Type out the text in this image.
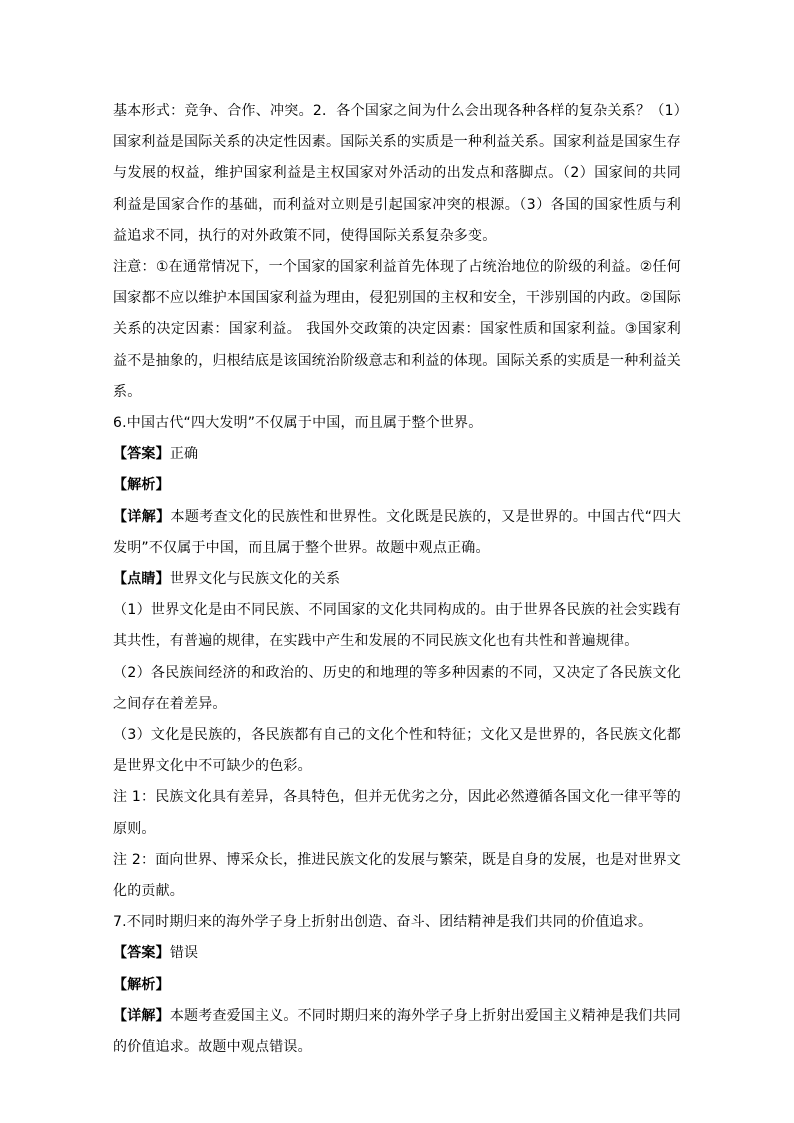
基本形式：竞争、合作、冲突。2．各个国家之间为什么会出现各种各样的复杂关系？（1）国家利益是国际关系的决定性因素。国际关系的实质是一种利益关系。国家利益是国家生存与发展的权益，维护国家利益是主权国家对外活动的出发点和落脚点。（2）国家间的共同利益是国家合作的基础，而利益对立则是引起国家冲突的根源。（3）各国的国家性质与利益追求不同，执行的对外政策不同，使得国际关系复杂多变。

注意：①在通常情况下，一个国家的国家利益首先体现了占统治地位的阶级的利益。②任何国家都不应以维护本国国家利益为理由，侵犯别国的主权和安全，干涉别国的内政。②国际关系的决定因素：国家利益。 我国外交政策的决定因素：国家性质和国家利益。③国家利益不是抽象的，归根结底是该国统治阶级意志和利益的体现。国际关系的实质是一种利益关系。

6.中国古代“四大发明”不仅属于中国，而且属于整个世界。

【答案】正确

【解析】

【详解】本题考查文化的民族性和世界性。文化既是民族的，又是世界的。中国古代“四大发明”不仅属于中国，而且属于整个世界。故题中观点正确。

【点睛】世界文化与民族文化的关系

（1）世界文化是由不同民族、不同国家的文化共同构成的。由于世界各民族的社会实践有其共性，有普遍的规律，在实践中产生和发展的不同民族文化也有共性和普遍规律。

（2）各民族间经济的和政治的、历史的和地理的等多种因素的不同，又决定了各民族文化之间存在着差异。

（3）文化是民族的，各民族都有自己的文化个性和特征；文化又是世界的，各民族文化都是世界文化中不可缺少的色彩。

注 1：民族文化具有差异，各具特色，但并无优劣之分，因此必然遵循各国文化一律平等的原则。

注 2：面向世界、博采众长，推进民族文化的发展与繁荣，既是自身的发展，也是对世界文化的贡献。

7.不同时期归来的海外学子身上折射出创造、奋斗、团结精神是我们共同的价值追求。

【答案】错误

【解析】

【详解】本题考查爱国主义。不同时期归来的海外学子身上折射出爱国主义精神是我们共同的价值追求。故题中观点错误。
